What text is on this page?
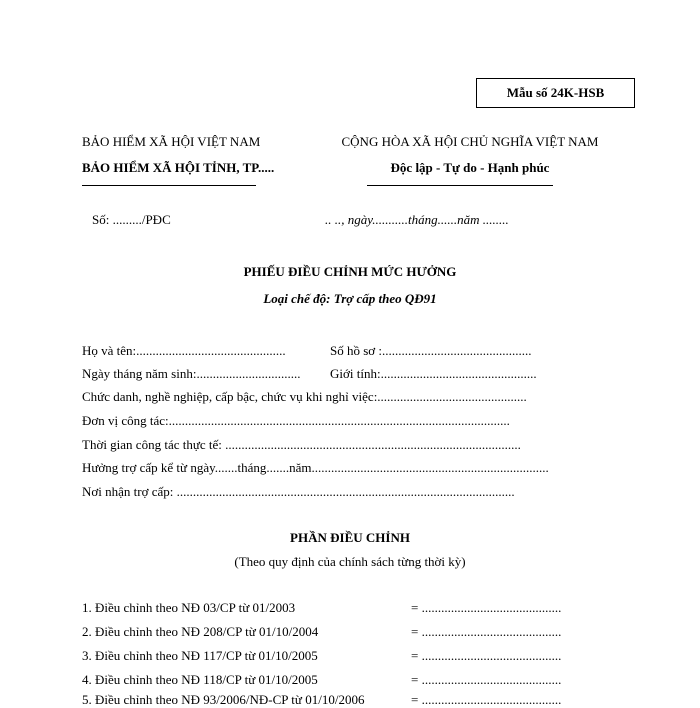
Mẫu số 24K-HSB
BẢO HIỂM XÃ HỘI VIỆT NAM
BẢO HIỂM XÃ HỘI TỈNH, TP.....
CỘNG HÒA XÃ HỘI CHỦ NGHĨA VIỆT NAM
Độc lập - Tự do - Hạnh phúc
Số: ........./PĐC	.. .., ngày...........tháng......năm ........
PHIẾU ĐIỀU CHỈNH MỨC HƯỞNG
Loại chế độ: Trợ cấp theo QĐ91
Họ và tên:..............................................	Số hồ sơ :..............................................
Ngày tháng năm sinh:................................ Giới tính:................................................
Chức danh, nghề nghiệp, cấp bậc, chức vụ khi nghỉ việc:..............................................
Đơn vị công tác:.........................................................................................................
Thời gian công tác thực tế: ...........................................................................................
Hưởng trợ cấp kể từ ngày.......tháng.......năm.........................................................................
Nơi nhận trợ cấp: ........................................................................................................
PHẦN ĐIỀU CHỈNH
(Theo quy định của chính sách từng thời kỳ)
1. Điều chỉnh theo NĐ 03/CP từ 01/2003	= ...........................................
2. Điều chỉnh theo NĐ 208/CP từ 01/10/2004	= ...........................................
3. Điều chỉnh theo NĐ 117/CP từ 01/10/2005	= ...........................................
4. Điều chỉnh theo NĐ 118/CP từ 01/10/2005	= ...........................................
5. Điều chỉnh theo NĐ 93/2006/NĐ-CP từ 01/10/2006	= ...........................................
